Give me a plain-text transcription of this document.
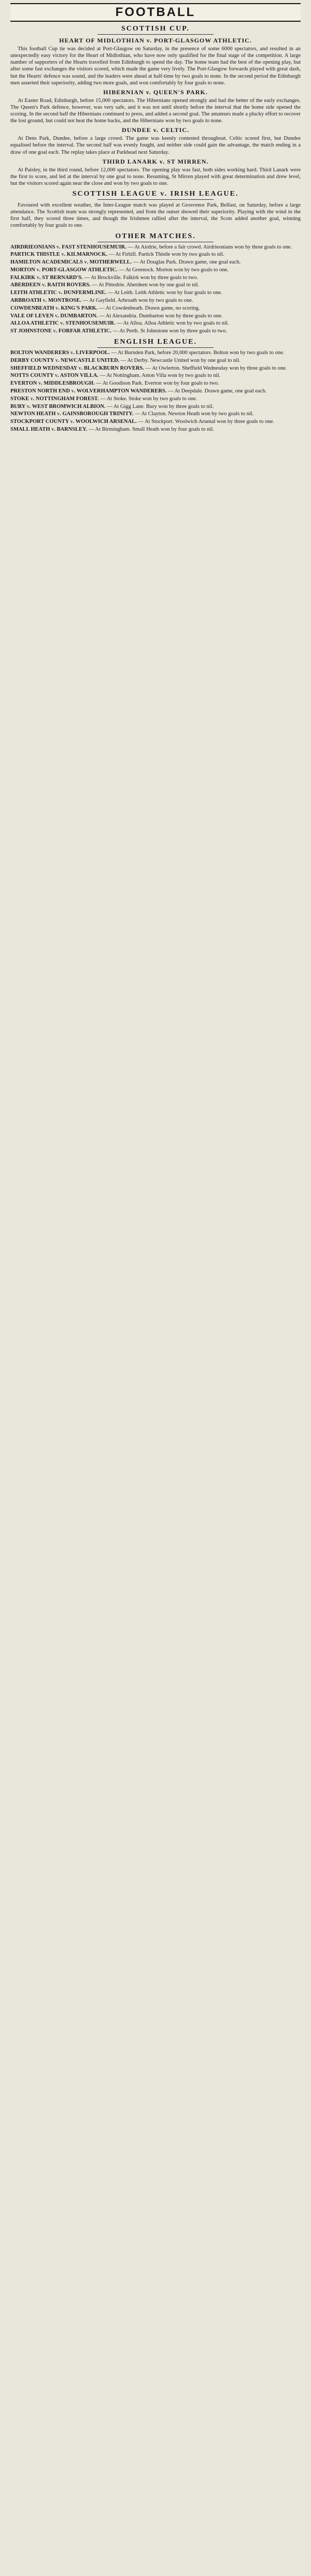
FOOTBALL
SCOTTISH CUP.
HEART OF MIDLOTHIAN v. PORT-GLASGOW ATHLETIC.

This football Cup tie was decided at Port-Glasgow on Saturday, in the presence of some 6000 spectators, and resulted in an unexpectedly easy victory for the Heart of Midlothian, who have now only qualified for the final stage of the competition. A large number of supporters of the Hearts travelled from Edinburgh to spend the day. The home team had the best of the opening play, but after some fast exchanges the visitors scored, which made the game very lively. The Port-Glasgow forwards played with great dash, but the Hearts' defence was sound, and the leaders were ahead at half-time by two goals to none. In the second period the Edinburgh men asserted their superiority, adding two more goals, and won comfortably by four goals to none.

HIBERNIAN v. QUEEN'S PARK.

At Easter Road, Edinburgh, before 15,000 spectators. The Hibernians opened strongly and had the better of the early exchanges. The Queen's Park defence, however, was very safe, and it was not until shortly before the interval that the home side opened the scoring. In the second half the Hibernians continued to press, and added a second goal. The amateurs made a plucky effort to recover the lost ground, but could not beat the home backs, and the Hibernians won by two goals to none.

DUNDEE v. CELTIC.

At Dens Park, Dundee, before a large crowd. The game was keenly contested throughout. Celtic scored first, but Dundee equalised before the interval. The second half was evenly fought, and neither side could gain the advantage, the match ending in a draw of one goal each. The replay takes place at Parkhead next Saturday.

THIRD LANARK v. ST MIRREN.

At Paisley, in the third round, before 12,000 spectators. The opening play was fast, both sides working hard. Third Lanark were the first to score, and led at the interval by one goal to none. Resuming, St Mirren played with great determination and drew level, but the visitors scored again near the close and won by two goals to one.

SCOTTISH LEAGUE v. IRISH LEAGUE.

Favoured with excellent weather, the Inter-League match was played at Grosvenor Park, Belfast, on Saturday, before a large attendance. The Scottish team was strongly represented, and from the outset showed their superiority. Playing with the wind in the first half, they scored three times, and though the Irishmen rallied after the interval, the Scots added another goal, winning comfortably by four goals to one.

OTHER MATCHES.

AIRDRIEONIANS v. FAST STENHOUSEMUIR. — At Airdrie, before a fair crowd. Airdrieonians won by three goals to one.

PARTICK THISTLE v. KILMARNOCK. — At Firhill. Partick Thistle won by two goals to nil.

HAMILTON ACADEMICALS v. MOTHERWELL. — At Douglas Park. Drawn game, one goal each.

MORTON v. PORT-GLASGOW ATHLETIC. — At Greenock. Morton won by two goals to one.

FALKIRK v. ST BERNARD'S. — At Brockville. Falkirk won by three goals to two.

ABERDEEN v. RAITH ROVERS. — At Pittodrie. Aberdeen won by one goal to nil.

LEITH ATHLETIC v. DUNFERMLINE. — At Leith. Leith Athletic won by four goals to one.

ARBROATH v. MONTROSE. — At Gayfield. Arbroath won by two goals to one.

COWDENBEATH v. KING'S PARK. — At Cowdenbeath. Drawn game, no scoring.

VALE OF LEVEN v. DUMBARTON. — At Alexandria. Dumbarton won by three goals to one.

ALLOA ATHLETIC v. STENHOUSEMUIR. — At Alloa. Alloa Athletic won by two goals to nil.

ST JOHNSTONE v. FORFAR ATHLETIC. — At Perth. St Johnstone won by three goals to two.

ENGLISH LEAGUE.

BOLTON WANDERERS v. LIVERPOOL. — At Burnden Park, before 20,000 spectators. Bolton won by two goals to one.

DERBY COUNTY v. NEWCASTLE UNITED. — At Derby. Newcastle United won by one goal to nil.

SHEFFIELD WEDNESDAY v. BLACKBURN ROVERS. — At Owlerton. Sheffield Wednesday won by three goals to one.

NOTTS COUNTY v. ASTON VILLA. — At Nottingham. Aston Villa won by two goals to nil.

EVERTON v. MIDDLESBROUGH. — At Goodison Park. Everton won by four goals to two.

PRESTON NORTH END v. WOLVERHAMPTON WANDERERS. — At Deepdale. Drawn game, one goal each.

STOKE v. NOTTINGHAM FOREST. — At Stoke. Stoke won by two goals to one.

BURY v. WEST BROMWICH ALBION. — At Gigg Lane. Bury won by three goals to nil.

NEWTON HEATH v. GAINSBOROUGH TRINITY. — At Clayton. Newton Heath won by two goals to nil.

STOCKPORT COUNTY v. WOOLWICH ARSENAL. — At Stockport. Woolwich Arsenal won by three goals to one.

SMALL HEATH v. BARNSLEY. — At Birmingham. Small Heath won by four goals to nil.
